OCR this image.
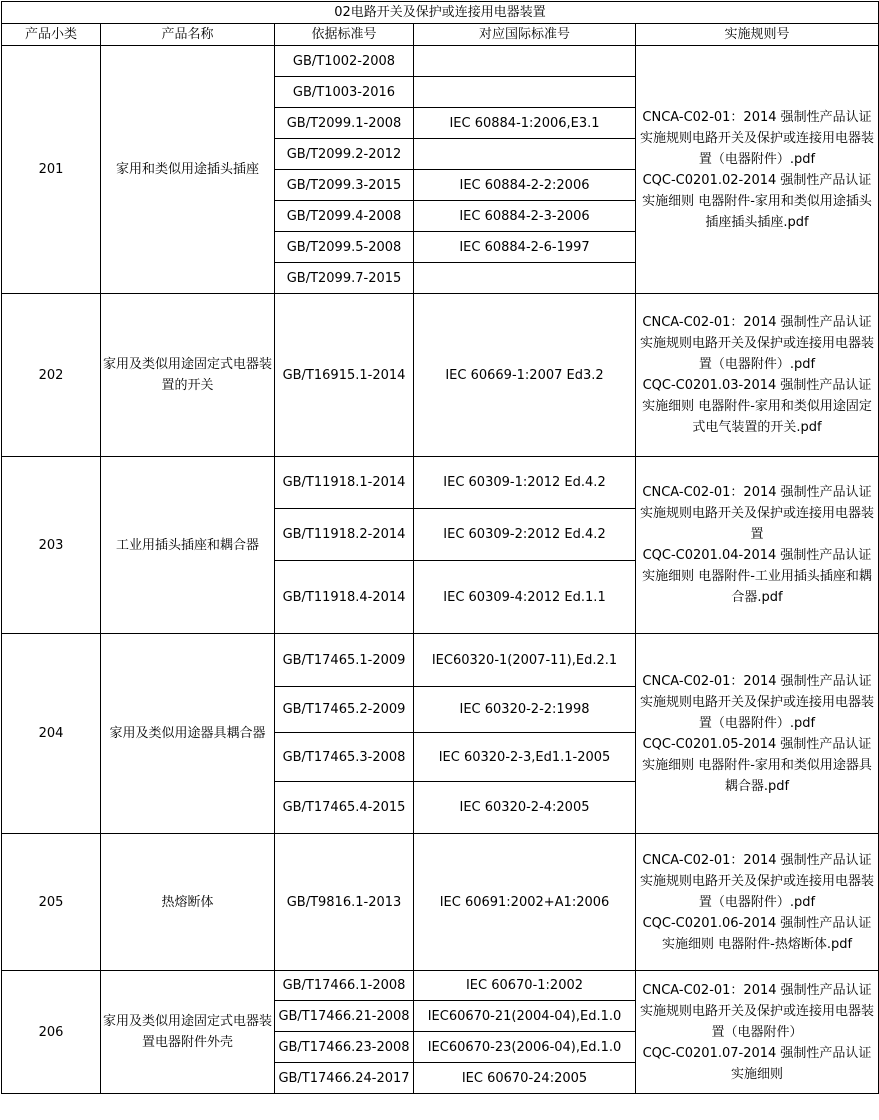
02电路开关及保护或连接用电器装置				
产品小类	产品名称	依据标准号	对应国际标准号	实施规则号
201	家用和类似用途插头插座	GB/T1002-2008		CNCA-C02-01：2014 强制性产品认证实施规则电路开关及保护或连接用电器装置（电器附件）.pdf
CQC-C0201.02-2014 强制性产品认证实施细则 电器附件-家用和类似用途插头插座插头插座.pdf

		GB/T1003-2016		
		GB/T2099.1-2008	IEC 60884-1:2006,E3.1	
		GB/T2099.2-2012		
		GB/T2099.3-2015	IEC 60884-2-2:2006	
		GB/T2099.4-2008	IEC 60884-2-3-2006	
		GB/T2099.5-2008	IEC 60884-2-6-1997	
		GB/T2099.7-2015		
202	家用及类似用途固定式电器装置的开关	GB/T16915.1-2014	IEC 60669-1:2007 Ed3.2	CNCA-C02-01：2014 强制性产品认证实施规则电路开关及保护或连接用电器装置（电器附件）.pdf
CQC-C0201.03-2014 强制性产品认证实施细则 电器附件-家用和类似用途固定式电气装置的开关.pdf

203	工业用插头插座和耦合器	GB/T11918.1-2014	IEC 60309-1:2012 Ed.4.2	CNCA-C02-01：2014 强制性产品认证实施规则电路开关及保护或连接用电器装置
CQC-C0201.04-2014 强制性产品认证实施细则 电器附件-工业用插头插座和耦合器.pdf

		GB/T11918.2-2014	IEC 60309-2:2012 Ed.4.2	
		GB/T11918.4-2014	IEC 60309-4:2012 Ed.1.1	
204	家用及类似用途器具耦合器	GB/T17465.1-2009	IEC60320-1(2007-11),Ed.2.1	CNCA-C02-01：2014 强制性产品认证实施规则电路开关及保护或连接用电器装置（电器附件）.pdf
CQC-C0201.05-2014 强制性产品认证实施细则 电器附件-家用和类似用途器具耦合器.pdf

		GB/T17465.2-2009	IEC 60320-2-2:1998	
		GB/T17465.3-2008	IEC 60320-2-3,Ed1.1-2005	
		GB/T17465.4-2015	IEC 60320-2-4:2005	
205	热熔断体	GB/T9816.1-2013	IEC 60691:2002+A1:2006	CNCA-C02-01：2014 强制性产品认证实施规则电路开关及保护或连接用电器装置（电器附件）.pdf
CQC-C0201.06-2014 强制性产品认证实施细则 电器附件-热熔断体.pdf

206	家用及类似用途固定式电器装置电器附件外壳	GB/T17466.1-2008	IEC 60670-1:2002	CNCA-C02-01：2014 强制性产品认证实施规则电路开关及保护或连接用电器装置（电器附件）
CQC-C0201.07-2014 强制性产品认证实施细则

		GB/T17466.21-2008	IEC60670-21(2004-04),Ed.1.0	
		GB/T17466.23-2008	IEC60670-23(2006-04),Ed.1.0	
		GB/T17466.24-2017	IEC 60670-24:2005	
